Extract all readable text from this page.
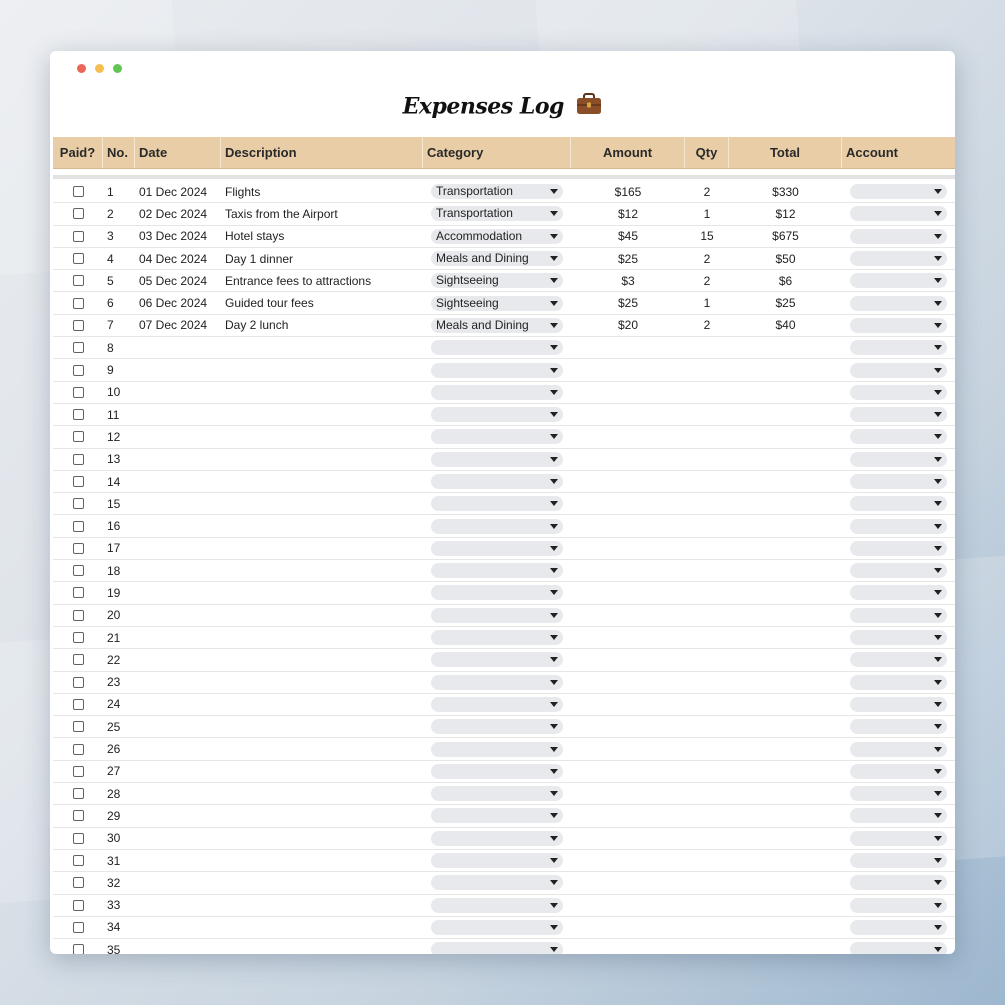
Expenses Log
Paid? No. Date	Description	Category	Amount	Qty	Total	Account
1	01 Dec 2024	Flights	Transportation	$165	2	$330
2	02 Dec 2024	Taxis from the Airport	Transportation	$12	1	$12
3	03 Dec 2024	Hotel stays	Accommodation	$45	15	$675
4	04 Dec 2024	Day 1 dinner	Meals and Dining	$25	2	$50
5	05 Dec 2024	Entrance fees to attractions	Sightseeing	$3	2	$6
6	06 Dec 2024	Guided tour fees	Sightseeing	$25	1	$25
7	07 Dec 2024	Day 2 lunch	Meals and Dining	$20	2	$40
8
9
10
11
12
13
14
15
16
17
18
19
20
21
22
23
24
25
26
27
28
29
30
31
32
33
34
35
